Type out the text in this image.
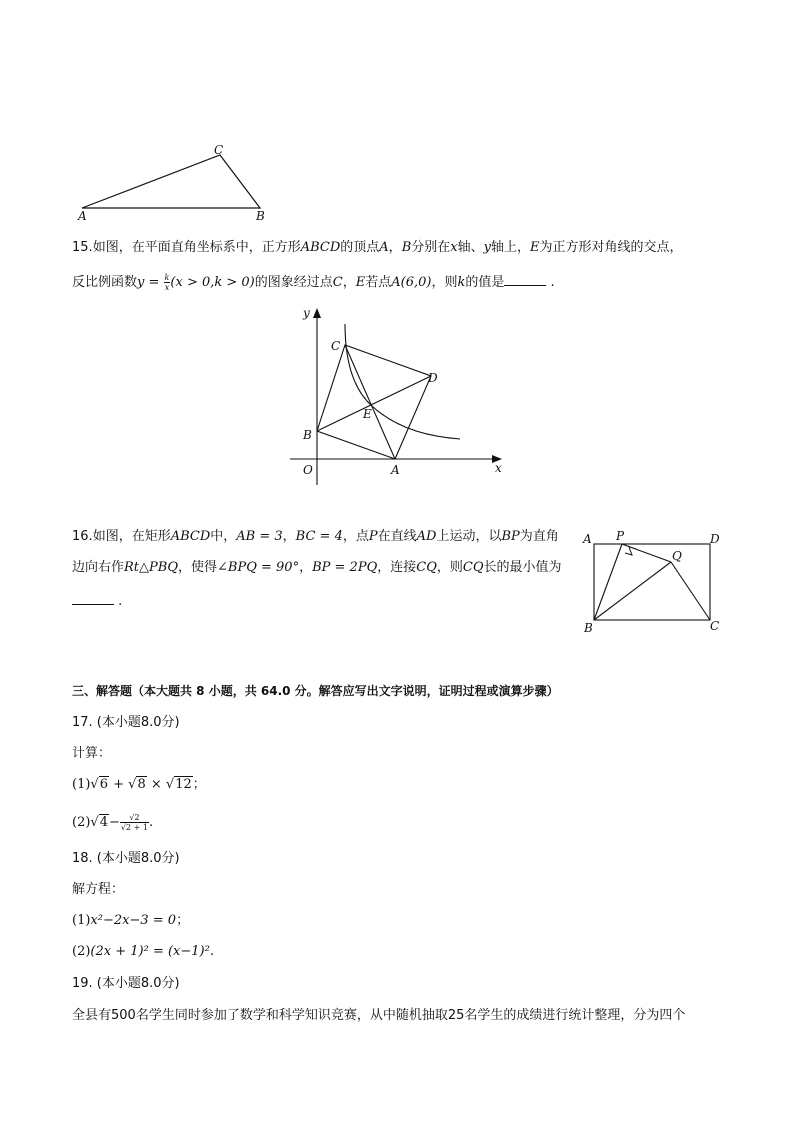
A	B
C
15.如图，在平面直角坐标系中，正方形ABCD的顶点A，B分别在x轴、y轴上，E为正方形对角线的交点，
反比例函数$y = \frac{k}{x} (x > 0,k > 0)$的图象经过点C，E若点A(6,0)，则k的值是	.
y
x
O	A
B
C
D
E
16.如图，在矩形ABCD中，AB = 3，BC = 4，点P在直线AD上运动，以BP为直角
边向右作Rt△PBQ，使得∠BPQ = 90°，BP = 2PQ，连接CQ，则CQ长的最小值为
.
A P	D
Q
B	C
三、解答题（本大题共 8 小题，共 64.0 分。解答应写出文字说明，证明过程或演算步骤）
17. (本小题8.0分)
计算：
(1)√6 + √8 × √12；
$(2)√4- \frac{√2}{√2 + 1}$ .
18. (本小题8.0分)
解方程：
(1)x²−2x−3 = 0；
(2)(2x + 1)² = (x−1)².
19. (本小题8.0分)
全县有500名学生同时参加了数学和科学知识竞赛，从中随机抽取25名学生的成绩进行统计整理，分为四个
